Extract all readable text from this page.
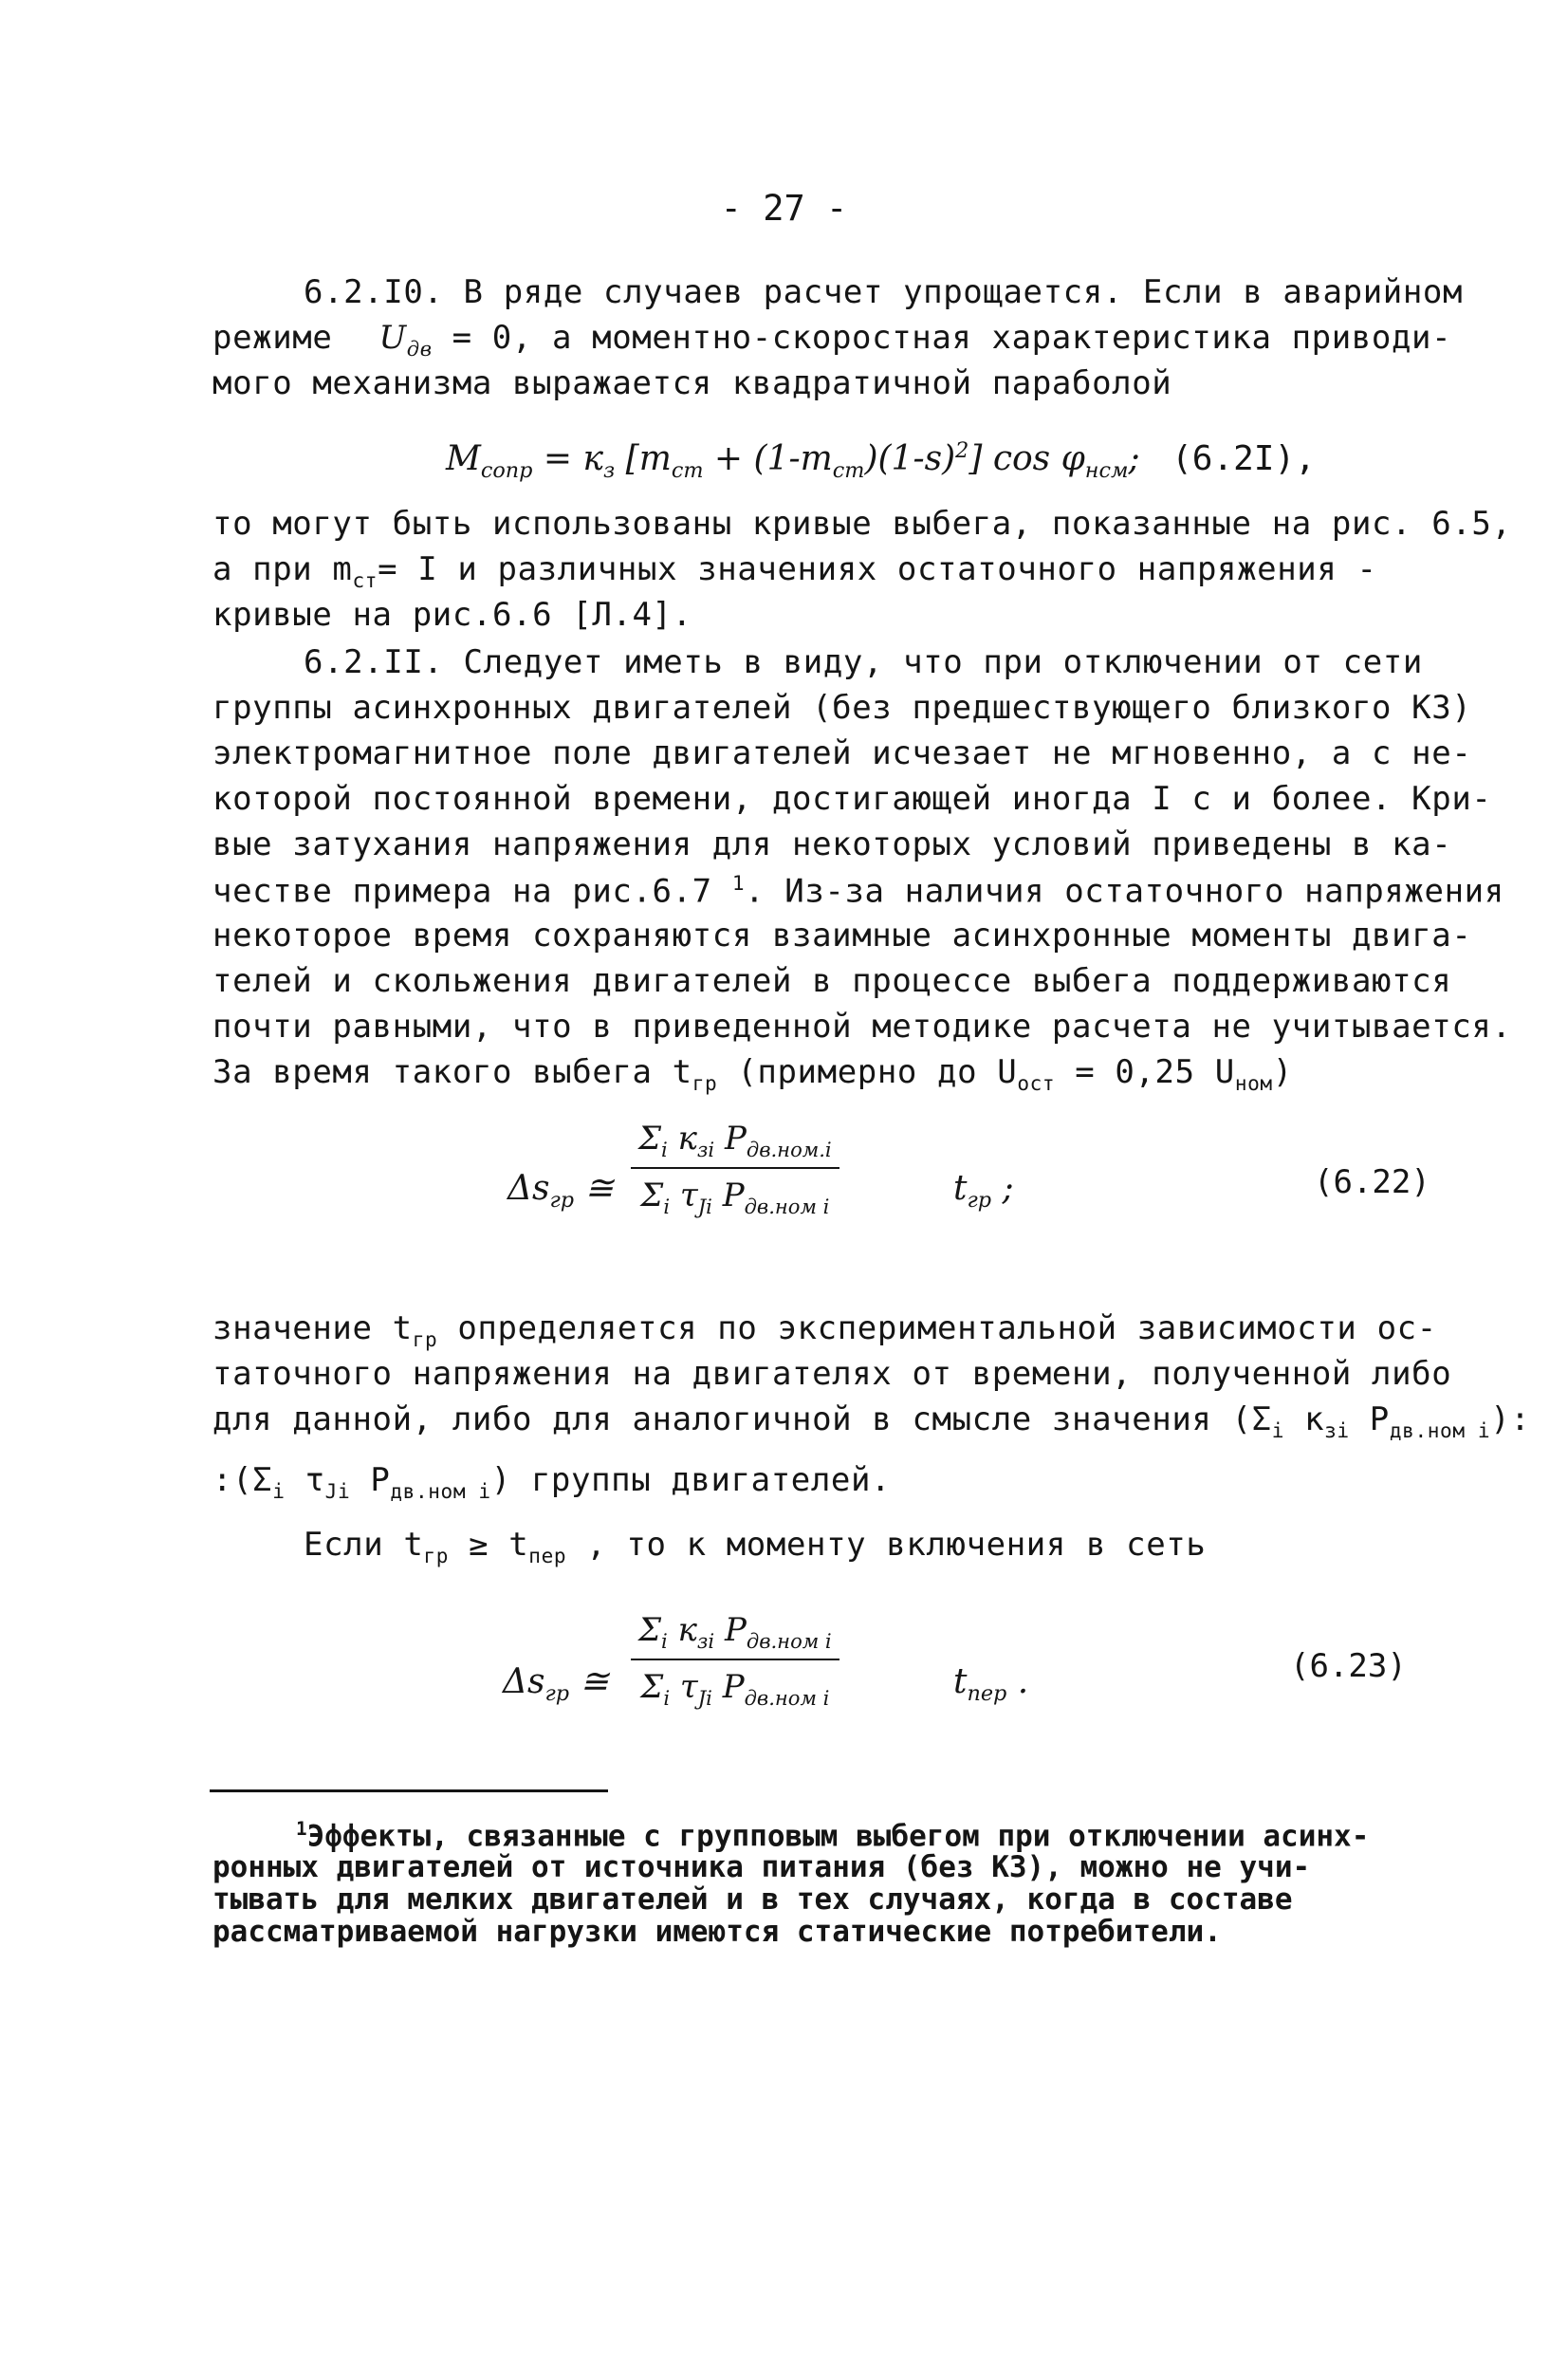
- 27 -
6.2.I0. В ряде случаев расчет упрощается. Если в аварийном
режиме $U_{дв} = 0$, а моментно-скоростная характеристика приводи-
мого механизма выражается квадратичной параболой
$M_{сопр} = к_з$ $[m_{ст} + (1-m_{ст})(1-s)^2]$ $\cos \varphi_{нсм}$; (6.2I),
то могут быть использованы кривые выбега, показанные на рис. 6.5,
а при $m_{ст}= I$ и различных значениях остаточного напряжения -
кривые на рис.6.6 [Л.4].
6.2.II. Следует иметь в виду, что при отключении от сети
группы асинхронных двигателей (без предшествующего близкого КЗ)
электромагнитное поле двигателей исчезает не мгновенно, а с не-
которой постоянной времени, достигающей иногда I с и более. Кри-
вые затухания напряжения для некоторых условий приведены в ка-
честве примера на рис.6.7 $^1$. Из-за наличия остаточного напряжения
некоторое время сохраняются взаимные асинхронные моменты двига-
телей и скольжения двигателей в процессе выбега поддерживаются
почти равными, что в приведенной методике расчета не учитывается.
За время такого выбега $t_{гр}$ (примерно до $U_{ост} = 0,25$ $U_{ном}$)
$\Delta s_{гр}$ ≅
$\Sigma_i$ $к_{зi}$ $P_{дв.ном.i}$
$\Sigma_i$ $\tau_{Ji}$ $P_{дв.ном i}$	$t_{гр}$ ;	(6.22)
значение $t_{гр}$ определяется по экспериментальной зависимости ос-
таточного напряжения на двигателях от времени, полученной либо
для данной, либо для аналогичной в смысле значения ($\Sigma_i$ $к_{зi}$ $P_{дв.ном i}$):
$:(\Sigma_i$ $\tau_{Ji}$ $P_{дв.ном i}$) группы двигателей.
Если $t_{гр} \ge t_{пер}$ , то к моменту включения в сеть
$\Delta s_{гр}$ ≅
$\Sigma_i$ $к_{зi}$ $P_{дв.ном i}$
$\Sigma_i$ $\tau_{Ji}$ $P_{дв.ном i}$	$t_{пер}$ .	(6.23)
$^1$Эффекты, связанные с групповым выбегом при отключении асинх-
ронных двигателей от источника питания (без КЗ), можно не учи-
тывать для мелких двигателей и в тех случаях, когда в составе
рассматриваемой нагрузки имеются статические потребители.
